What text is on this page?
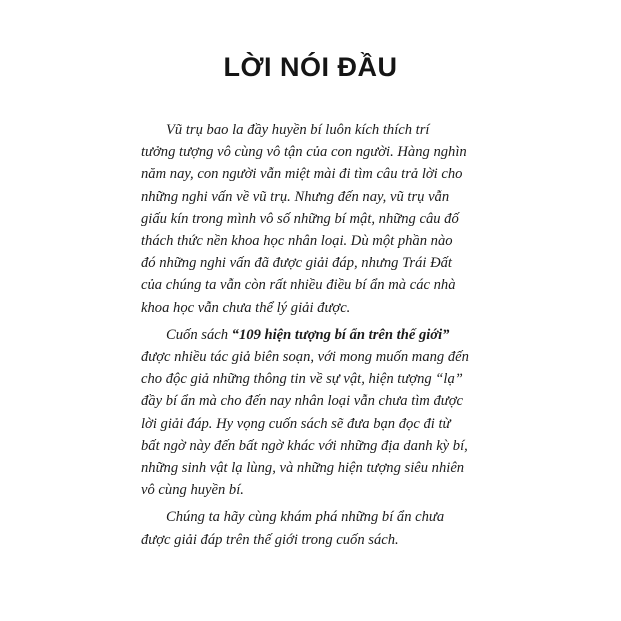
LỜI NÓI ĐẦU
Vũ trụ bao la đầy huyền bí luôn kích thích trí
tưởng tượng vô cùng vô tận của con người. Hàng nghìn
năm nay, con người vẫn miệt mài đi tìm câu trả lời cho
những nghi vấn về vũ trụ. Nhưng đến nay, vũ trụ vẫn
giấu kín trong mình vô số những bí mật, những câu đố
thách thức nền khoa học nhân loại. Dù một phần nào
đó những nghi vấn đã được giải đáp, nhưng Trái Đất
của chúng ta vẫn còn rất nhiều điều bí ẩn mà các nhà
khoa học vẫn chưa thể lý giải được.
Cuốn sách “109 hiện tượng bí ẩn trên thế giới”
được nhiều tác giả biên soạn, với mong muốn mang đến
cho độc giả những thông tin về sự vật, hiện tượng “lạ”
đầy bí ẩn mà cho đến nay nhân loại vẫn chưa tìm được
lời giải đáp. Hy vọng cuốn sách sẽ đưa bạn đọc đi từ
bất ngờ này đến bất ngờ khác với những địa danh kỳ bí,
những sinh vật lạ lùng, và những hiện tượng siêu nhiên
vô cùng huyền bí.
Chúng ta hãy cùng khám phá những bí ẩn chưa
được giải đáp trên thế giới trong cuốn sách.
